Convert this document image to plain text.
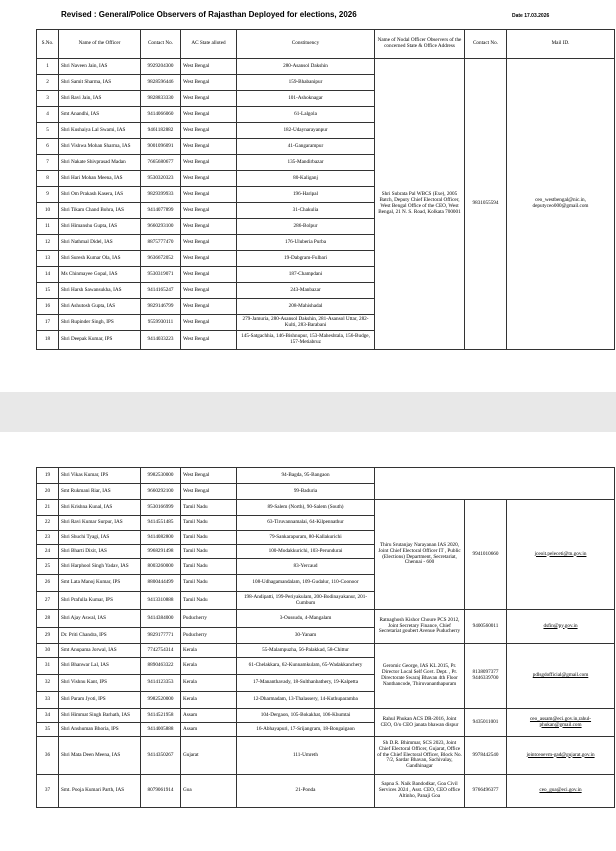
Revised : General/Police Observers of Rajasthan Deployed for elections, 2026	Date 17.03.2026
S.No.	Name of the Officer	Contact No.	AC State alloted	Constituency	Name of Nodal Officer Observers of the concerned State & Office Address	Contact No.	Mail ID.
1	Shri Naveen Jain, IAS	9929204300	West Bengal	280-Asansol Dakshin	Shri Subrata Pal WBCS (Exe), 2005 Batch, Deputy Chief Electoral Officer, West Bengal Office of the CEO, West Bengal, 21 N. S. Road, Kolkata 700001	9831055594	ceo_westbengal@nic.in, deputyceo000@gmail.com
2	Shri Samit Sharma, IAS	9828596446	West Bengal	159-Bhabanipur			
3	Shri Ravi Jain, IAS	9828833330	West Bengal	101-Ashoknagar			
4	Smt Anandhi, IAS	9414066060	West Bengal	61-Lalgola			
5	Shri Kushaiya Lal Swami, IAS	9461182882	West Bengal	182-Udaynarayanpur			
6	Shri Vishwa Mohan Sharma, IAS	9001096091	West Bengal	41-Gangarampur			
7	Shri Nakate Shivprasad Madan	7665680677	West Bengal	135-Mandirbazar			
8	Shri Hari Mohan Meena, IAS	9530320323	West Bengal	80-Kaliganj			
9	Shri Om Prakash Kasera, IAS	9829399933	West Bengal	196-Haripal			
10	Shri Tikam Chand Bohra, IAS	9414077899	West Bengal	31-Chakulia			
11	Shri Himanshu Gupta, IAS	9660293100	West Bengal	286-Bolpur			
12	Shri Nathmal Didel, IAS	8875777470	West Bengal	176-Uluberia Purba			
13	Shri Suresh Kumar Ola, IAS	9636672052	West Bengal	19-Dabgram-Fulbari			
14	Ms Chinmayee Gopal, IAS	9530319071	West Bengal	187-Champdani			
15	Shri Harsh Sawansukha, IAS	9414165247	West Bengal	243-Manbazar			
16	Shri Ashutosh Gupta, IAS	9829146799	West Bengal	208-Mahishadal			
17	Shri Rupinder Singh, IPS	9559930111	West Bengal	279-Jamuria, 280-Asansol Dakshin, 281-Asansol Uttar, 282-Kulti, 283-Barabani			
18	Shri Deepak Kumar, IPS	9414033223	West Bengal	145-Satgachhia, 146-Bishnupur, 153-Maheshtala, 156-Budge, 157-Metiabruz			
19	Shri Vikas Kumar, IPS	9982530000	West Bengal	94-Bagda, 95-Bangaon			
20	Smt Rukmani Riar, IAS	9660292100	West Bengal	99-Baduria			
21	Shri Krishna Kunal, IAS	9530166999	Tamil Nadu	89-Salem (North), 90-Salem (South)	Thiru Srutanjay Narayanan IAS 2020, Joint Chief Electoral Officer IT , Public (Elections) Department, Secretariat, Chennai - 600	9941010660	jceoit.peleceti@tn.gov.in
22	Shri Ravi Kumar Surpur, IAS	9414551485	Tamil Nadu	63-Tiruvannamalai, 64-Kilpennathur			
23	Shri Shuchi Tyagi, IAS	9414082800	Tamil Nadu	79-Sankarapuram, 80-Kallakurichi			
24	Shri Bharti Dixit, IAS	9968291498	Tamil Nadu	100-Modakkurichi, 103-Perundurai			
25	Shri Harphool Singh Yadav, IAS	8003260000	Tamil Nadu	83-Yercaud			
26	Smt Lata Manoj Kumar, IPS	8800444499	Tamil Nadu	108-Udhagamandalam, 109-Gudalur, 110-Coonoor			
27	Shri Prafulla Kumar, IPS	9413310888	Tamil Nadu	198-Andipatti, 199-Periyakulam, 200-Bodinayakanur, 201-Cumbum			
28	Shri Ajay Aswal, IAS	9414384000	Puducherry	3-Oussudu, 4-Mangalam	Ratnaghosh Kishor Choure PCS 2012, Joint Secretary Finance, Chief Secretariat goubert Avenue Puducherry	9400560011	dsfin@py.gov.in
29	Dr. Priti Chandra, IPS	9829177771	Puducherry	30-Yanam			
30	Smt Anupama Jorwal, IAS	7742754314	Kerala	55-Malampuzha, 56-Palakkad, 58-Chittur	Geromic George, IAS KL 2015, Pr. Director Local Self Govt. Dept. , Pr. Directorate Swaraj Bhavan 4th Floor Nanthancode, Thiruvananthapuram	8138097377 9446339700	pdlsgdofficial@gmail.com
31	Shri Bhanwar Lal, IAS	8890463322	Kerala	61-Chelakkara, 62-Kunnamkulam, 65-Wadakkanchery			
32	Shri Vishnu Kant, IPS	9414123353	Kerala	17-Mananthavady, 18-Sulthanbathery, 19-Kalpetta			
33	Shri Param Jyoti, IPS	9982520000	Kerala	12-Dharmadam, 13-Thalassery, 14-Kuthuparamba			
34	Shri Himmat Singh Barhath, IAS	9414521958	Assam	104-Dergaon, 105-Bokakhat, 106-Khumtai	Rahul Phukan ACS DR-2016, Joint CEO, O/o CEO janata bhawan dispur	9435011001	ceo_assam@eci.gov.in,rahul-phukan@gmail.com
35	Shri Anshuman Bhoria, IPS	9414005888	Assam	16-Abhayapuri, 17-Srijangram, 18-Bongaigaon			
36	Shri Mata Deen Meena, IAS	9414350267	Gujarat	111-Umreth	Sh D.R. Bhimmar, SCS 2023, Joint Chief Electoral Officer, Gujarat, Office of the Chief Electoral Officer, Block No. 7/2, Sardar Bhavan, Sachivalay, Gandhinagar	9978442540	jointceoevm-gad@gujarat.gov.in
37	Smt. Pooja Kumari Parth, IAS	8079061914	Goa	21-Ponda	Sapna S. Naik Bandodkar, Goa Civil Services 2024 , Asst. CEO, CEO office Altinho, Panaji Goa	9766496377	ceo_goa@eci.gov.in
